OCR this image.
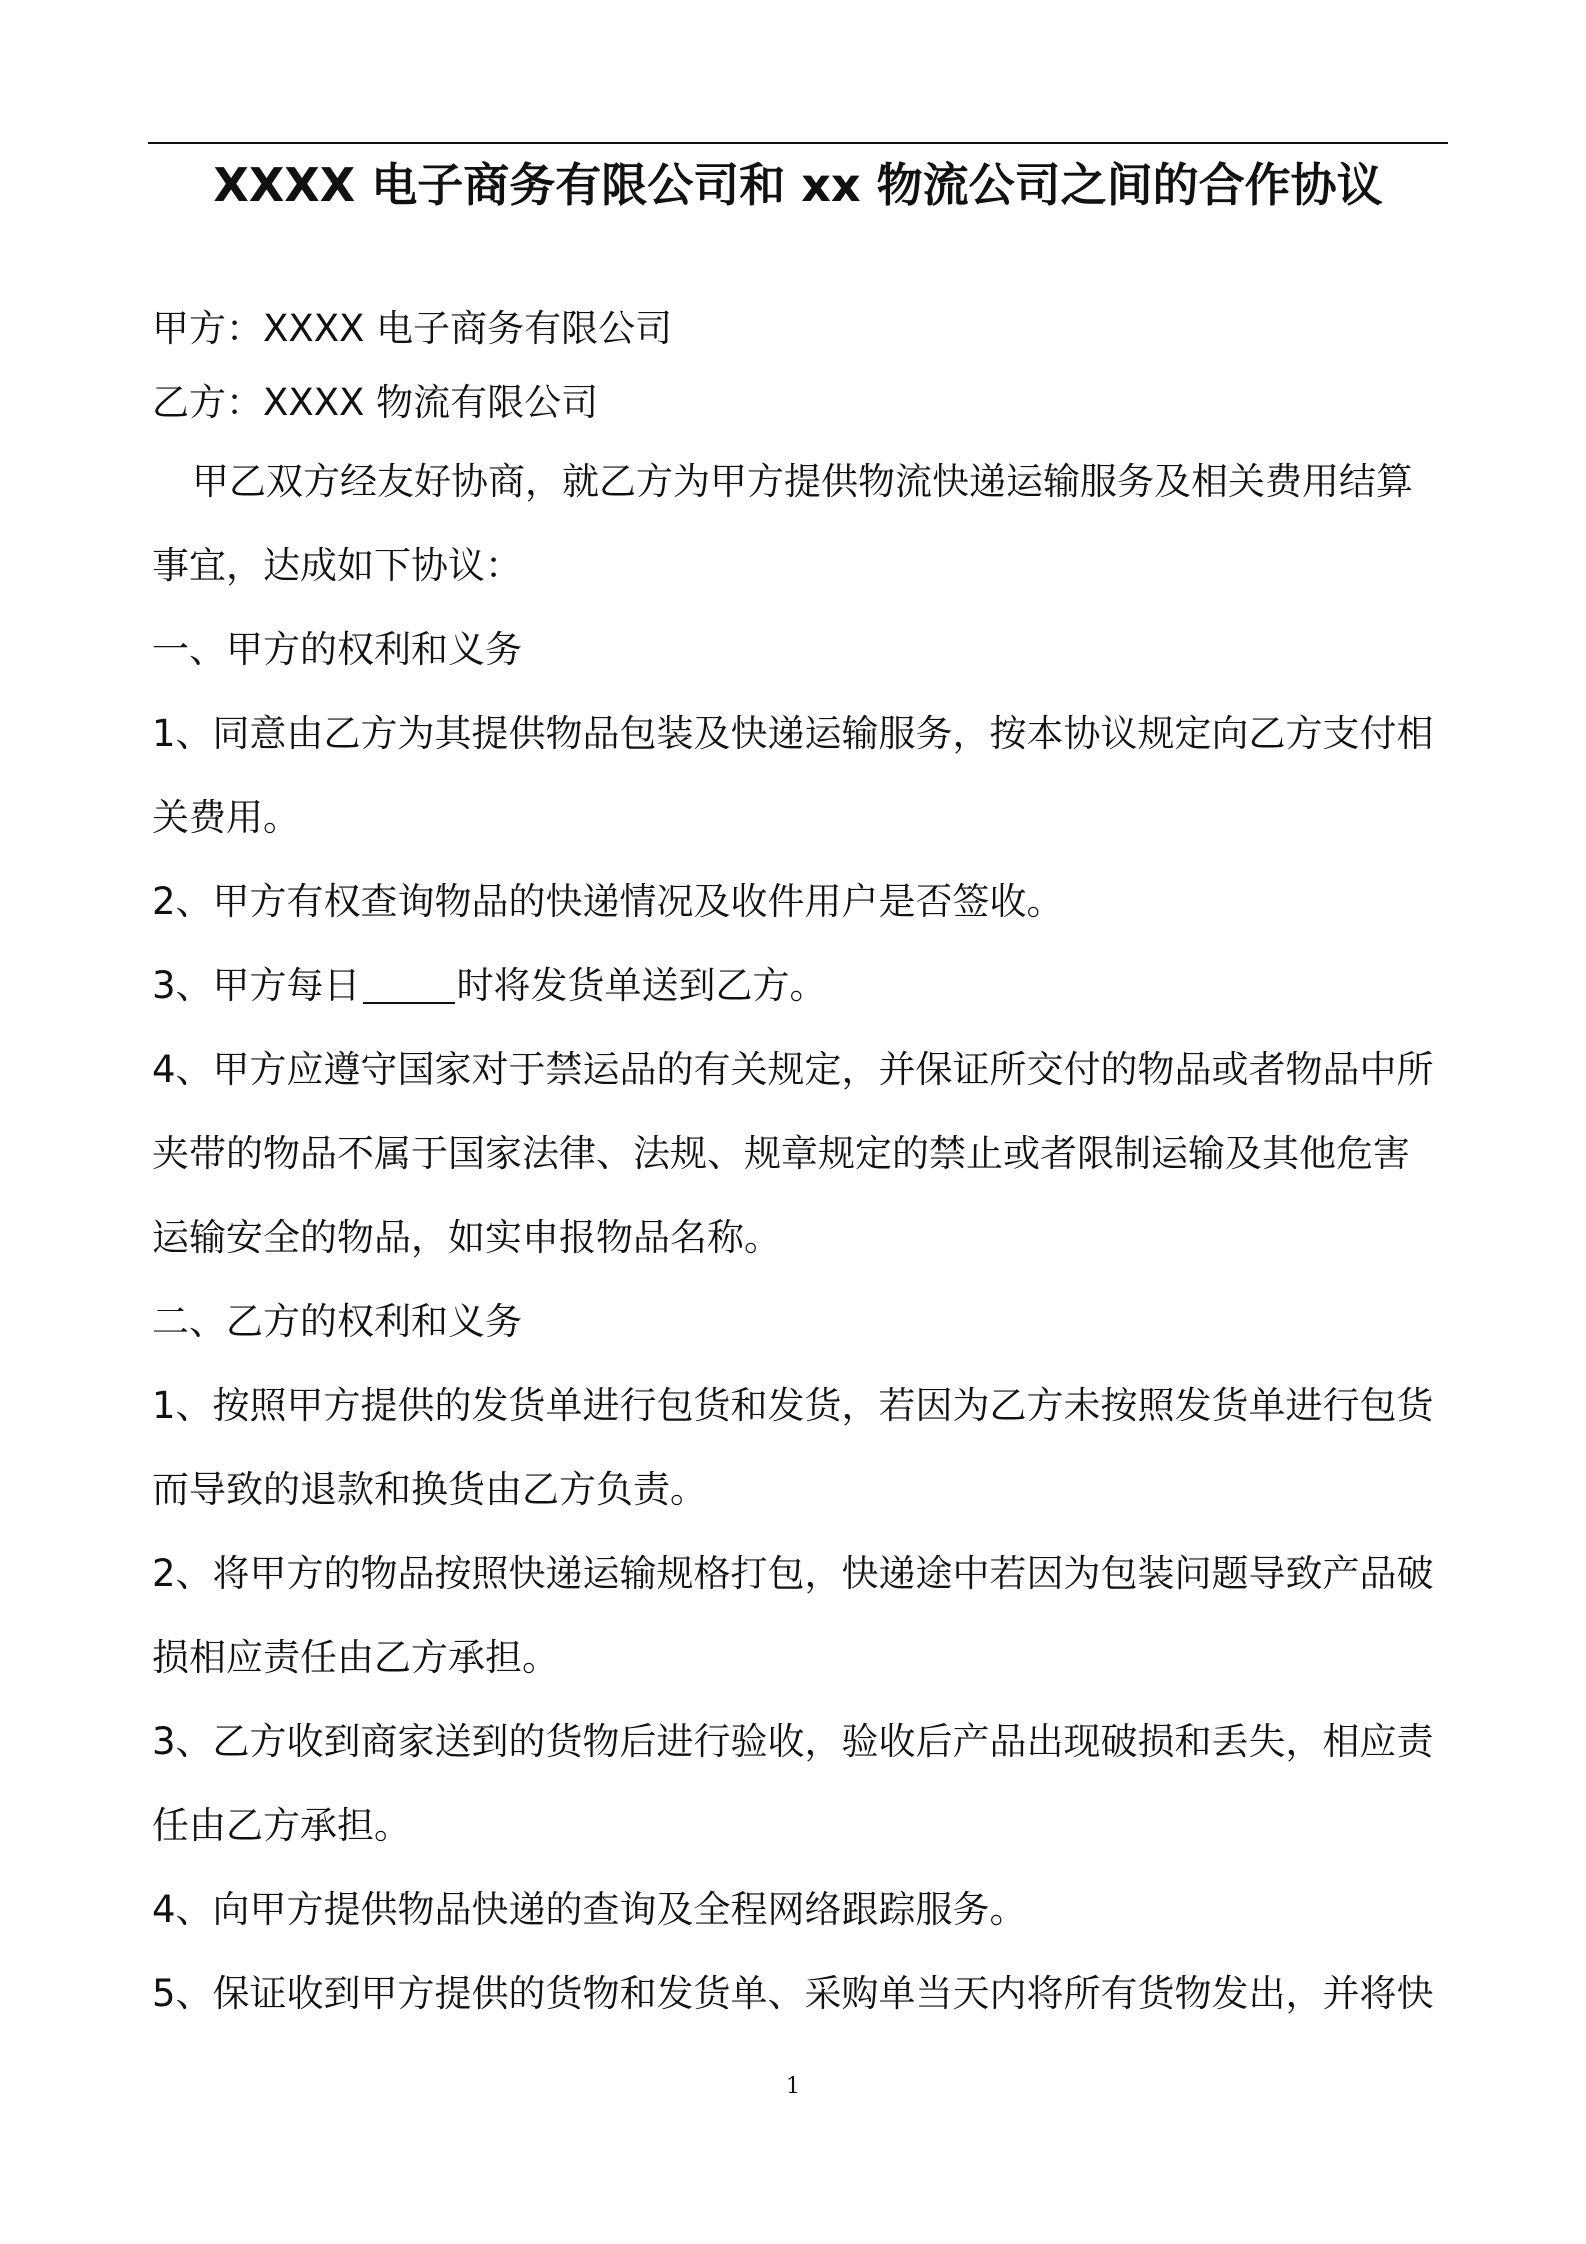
XXXX 电子商务有限公司和 xx 物流公司之间的合作协议
甲方：XXXX 电子商务有限公司
乙方：XXXX 物流有限公司
甲乙双方经友好协商，就乙方为甲方提供物流快递运输服务及相关费用结算
事宜，达成如下协议：
一、甲方的权利和义务
1、同意由乙方为其提供物品包装及快递运输服务，按本协议规定向乙方支付相
关费用。
2、甲方有权查询物品的快递情况及收件用户是否签收。
3、甲方每日	时将发货单送到乙方。
4、甲方应遵守国家对于禁运品的有关规定，并保证所交付的物品或者物品中所
夹带的物品不属于国家法律、法规、规章规定的禁止或者限制运输及其他危害
运输安全的物品，如实申报物品名称。
二、乙方的权利和义务
1、按照甲方提供的发货单进行包货和发货，若因为乙方未按照发货单进行包货
而导致的退款和换货由乙方负责。
2、将甲方的物品按照快递运输规格打包，快递途中若因为包装问题导致产品破
损相应责任由乙方承担。
3、乙方收到商家送到的货物后进行验收，验收后产品出现破损和丢失，相应责
任由乙方承担。
4、向甲方提供物品快递的查询及全程网络跟踪服务。
5、保证收到甲方提供的货物和发货单、采购单当天内将所有货物发出，并将快
1
